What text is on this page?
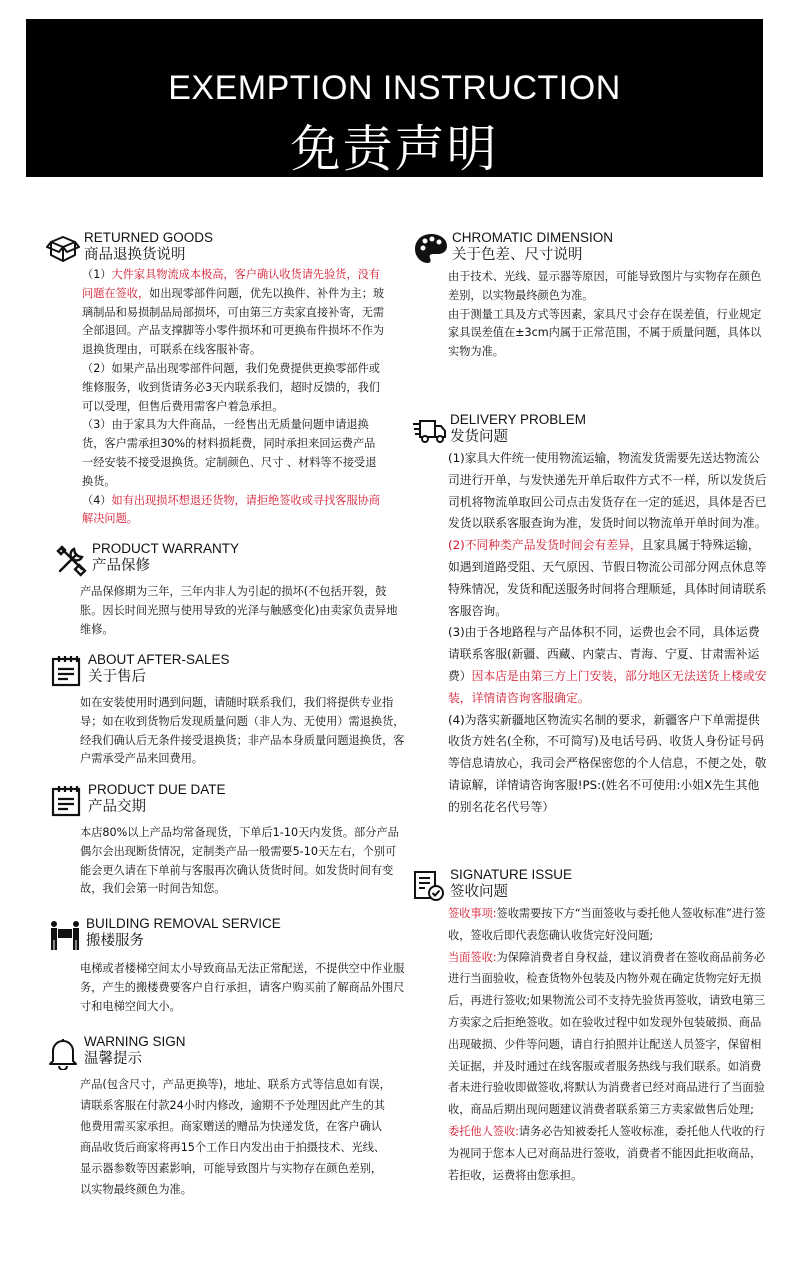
EXEMPTION INSTRUCTION
免责声明
RETURNED GOODS
商品退换货说明

（1）大件家具物流成本极高，客户确认收货请先验货，没有问题在签收，如出现零部件问题，优先以换件、补件为主；玻璃制品和易损制品局部损坏，可由第三方卖家直接补寄，无需全部退回。产品支撑脚等小零件损坏和可更换布件损坏不作为退换货理由，可联系在线客服补寄。

（2）如果产品出现零部件问题，我们免费提供更换零部件或维修服务，收到货请务必3天内联系我们，超时反馈的，我们可以受理，但售后费用需客户着急承担。

（3）由于家具为大件商品，一经售出无质量问题申请退换货，客户需承担30%的材料损耗费，同时承担来回运费产品一经安装不接受退换货。定制颜色、尺寸 、材料等不接受退换货。

（4）如有出现损坏想退还货物，请拒绝签收或寻找客服协商解决问题。

PRODUCT WARRANTY
产品保修
产品保修期为三年，三年内非人为引起的损坏(不包括开裂，鼓胀。因长时间光照与使用导致的光泽与触感变化)由卖家负责异地维修。
ABOUT AFTER-SALES
关于售后
如在安装使用时遇到问题，请随时联系我们，我们将提供专业指导；如在收到货物后发现质量问题（非人为、无使用）需退换货，经我们确认后无条件接受退换货；非产品本身质量问题退换货，客户需承受产品来回费用。
PRODUCT DUE DATE
产品交期
本店80%以上产品均常备现货，下单后1-10天内发货。部分产品偶尔会出现断货情况，定制类产品一般需要5-10天左右，个别可能会更久请在下单前与客服再次确认货货时间。如发货时间有变故，我们会第一时间告知您。
BUILDING REMOVAL SERVICE
搬楼服务
电梯或者楼梯空间太小导致商品无法正常配送，不提供空中作业服务，产生的搬楼费要客户自行承担，请客户购买前了解商品外围尺寸和电梯空间大小。
WARNING SIGN
温馨提示
产品(包含尺寸，产品更换等)，地址、联系方式等信息如有误，请联系客服在付款24小时内修改，逾期不予处理因此产生的其他费用需买家承担。商家赠送的赠品为快递发货，在客户确认商品收货后商家将再15个工作日内发出由于拍摄技术、光线、显示器参数等因素影响，可能导致图片与实物存在颜色差别，以实物最终颜色为准。
CHROMATIC DIMENSION
关于色差、尺寸说明

由于技术、光线、显示器等原因，可能导致图片与实物存在颜色差别，以实物最终颜色为准。

由于测量工具及方式等因素，家具尺寸会存在误差值，行业规定家具误差值在±3cm内属于正常范围，不属于质量问题，具体以实物为准。

DELIVERY PROBLEM
发货问题

(1)家具大件统一使用物流运输，物流发货需要先送达物流公司进行开单，与发快递先开单后取件方式不一样，所以发货后司机将物流单取回公司点击发货存在一定的延迟，具体是否已发货以联系客服查询为准，发货时间以物流单开单时间为准。

(2)不同种类产品发货时间会有差异，且家具属于特殊运输，如遇到道路受阻、天气原因、节假日物流公司部分网点休息等特殊情况，发货和配送服务时间将合理顺延，具体时间请联系客服咨询。

(3)由于各地路程与产品体积不同，运费也会不同，具体运费请联系客服(新疆、西藏、内蒙古、青海、宁夏、甘肃需补运费）因本店是由第三方上门安装，部分地区无法送货上楼或安装，详情请咨询客服确定。

(4)为落实新疆地区物流实名制的要求，新疆客户下单需提供收货方姓名(全称，不可简写)及电话号码、收货人身份证号码等信息请放心，我司会严格保密您的个人信息，不便之处，敬请谅解，详情请咨询客服!PS:(姓名不可使用:小姐X先生其他的别名花名代号等）

SIGNATURE ISSUE
签收问题

签收事项:签收需要按下方“当面签收与委托他人签收标准”进行签收，签收后即代表您确认收货完好没问题;

当面签收:为保障消费者自身权益，建议消费者在签收商品前务必进行当面验收，检查货物外包装及内物外观在确定货物完好无损后，再进行签收;如果物流公司不支持先验货再签收，请致电第三方卖家之后拒绝签收。如在验收过程中如发现外包装破损、商品出现破损、少件等问题，请自行拍照并让配送人员签字，保留相关证据，并及时通过在线客服或者服务热线与我们联系。如消费者未进行验收即做签收,将默认为消费者已经对商品进行了当面验收，商品后期出现问题建议消费者联系第三方卖家做售后处理;

委托他人签收:请务必告知被委托人签收标准，委托他人代收的行为视同于您本人已对商品进行签收，消费者不能因此拒收商品，若拒收，运费将由您承担。
